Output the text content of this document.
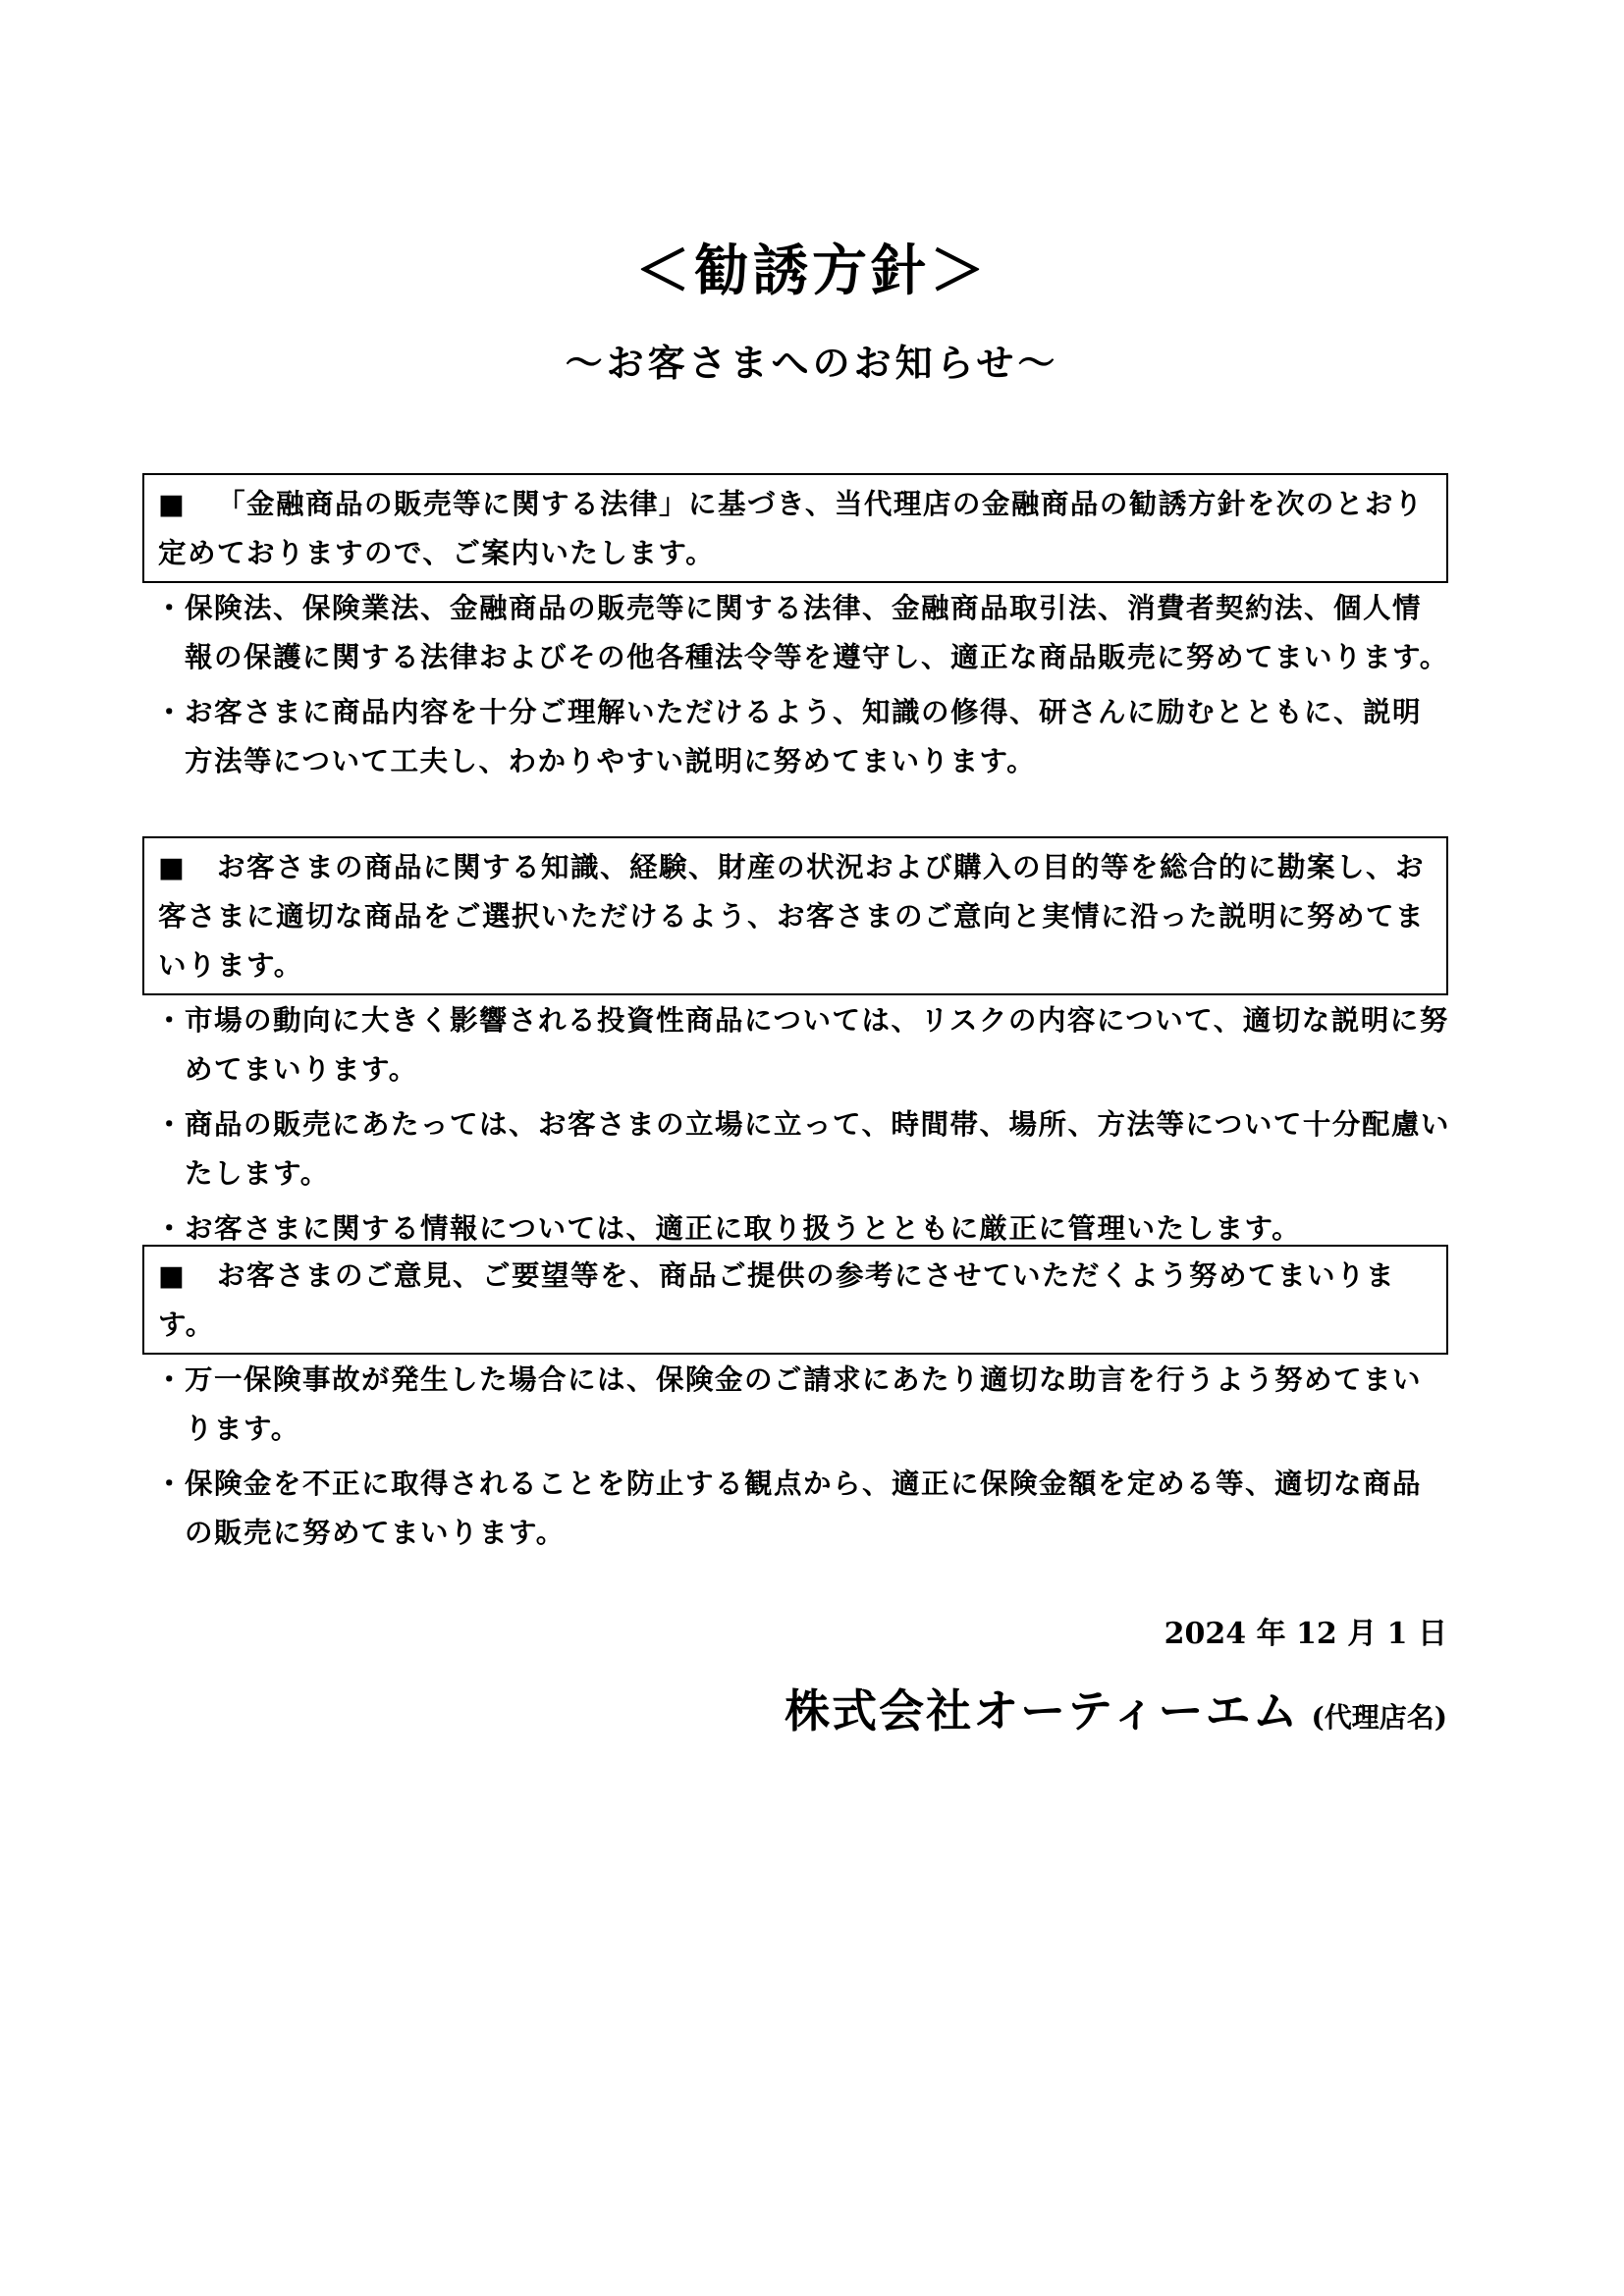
＜勧誘方針＞
～お客さまへのお知らせ～
■ 「金融商品の販売等に関する法律」に基づき、当代理店の金融商品の勧誘方針を次のとおり定めておりますので、ご案内いたします。
・ 保険法、保険業法、金融商品の販売等に関する法律、金融商品取引法、消費者契約法、個人情報の保護に関する法律およびその他各種法令等を遵守し、適正な商品販売に努めてまいります。
・ お客さまに商品内容を十分ご理解いただけるよう、知識の修得、研さんに励むとともに、説明方法等について工夫し、わかりやすい説明に努めてまいります。
■ お客さまの商品に関する知識、経験、財産の状況および購入の目的等を総合的に勘案し、お客さまに適切な商品をご選択いただけるよう、お客さまのご意向と実情に沿った説明に努めてまいります。
・ 市場の動向に大きく影響される投資性商品については、リスクの内容について、適切な説明に努めてまいります。
・ 商品の販売にあたっては、お客さまの立場に立って、時間帯、場所、方法等について十分配慮いたします。
・ お客さまに関する情報については、適正に取り扱うとともに厳正に管理いたします。
■ お客さまのご意見、ご要望等を、商品ご提供の参考にさせていただくよう努めてまいります。
・ 万一保険事故が発生した場合には、保険金のご請求にあたり適切な助言を行うよう努めてまいります。
・ 保険金を不正に取得されることを防止する観点から、適正に保険金額を定める等、適切な商品の販売に努めてまいります。
2024 年 12 月 1 日
株式会社オーティーエム (代理店名)
